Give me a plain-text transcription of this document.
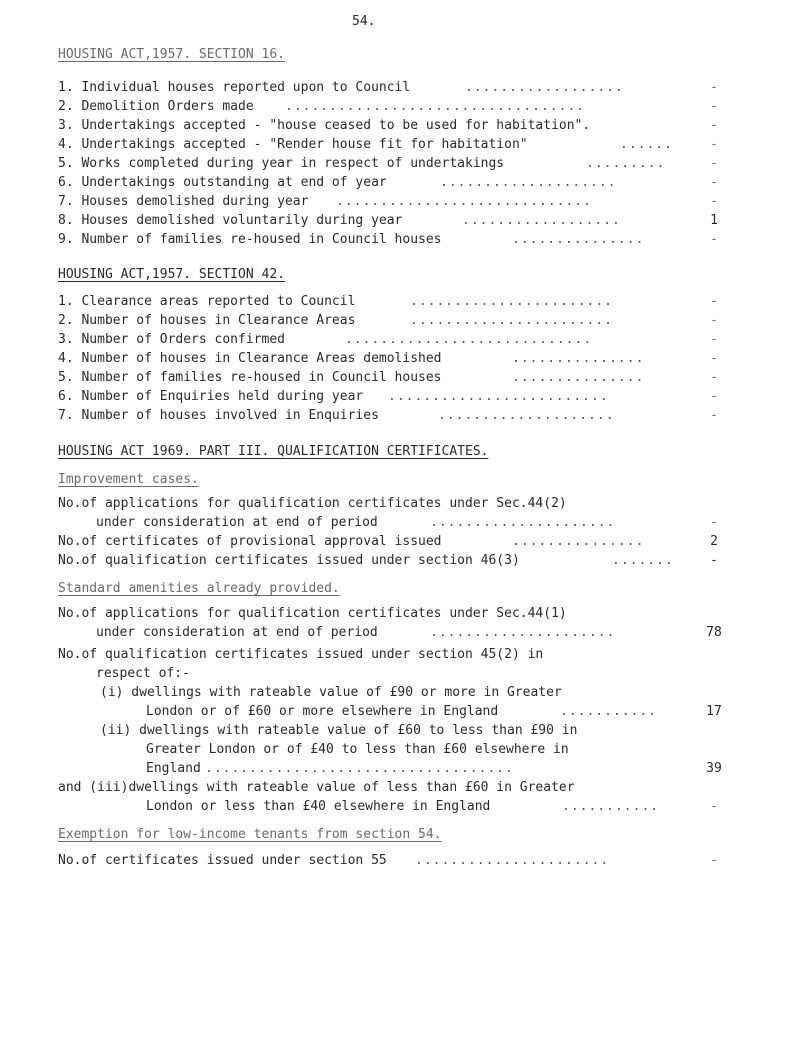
54.
HOUSING ACT,1957. SECTION 16.
1. Individual houses reported upon to Council	..................	-
2. Demolition Orders made ..................................	-
3. Undertakings accepted - "house ceased to be used for habitation".	-
4. Undertakings accepted - "Render house fit for habitation"	......	-
5. Works completed during year in respect of undertakings	.........	-
6. Undertakings outstanding at end of year	....................	-
7. Houses demolished during year .............................	-
8. Houses demolished voluntarily during year	..................	1
9. Number of families re-housed in Council houses	...............	-
HOUSING ACT,1957. SECTION 42.
1. Clearance areas reported to Council	.......................	-
2. Number of houses in Clearance Areas	.......................	-
3. Number of Orders confirmed	............................	-
4. Number of houses in Clearance Areas demolished	...............	-
5. Number of families re-housed in Council houses	...............	-
6. Number of Enquiries held during year .........................	-
7. Number of houses involved in Enquiries	....................	-
HOUSING ACT 1969. PART III. QUALIFICATION CERTIFICATES.
Improvement cases.
No.of applications for qualification certificates under Sec.44(2)
under consideration at end of period	.....................	-
No.of certificates of provisional approval issued	...............	2
No.of qualification certificates issued under section 46(3)	.......	-
Standard amenities already provided.
No.of applications for qualification certificates under Sec.44(1)
under consideration at end of period	.....................	78
No.of qualification certificates issued under section 45(2) in
respect of:-
(i) dwellings with rateable value of £90 or more in Greater
London or of £60 or more elsewhere in England	...........	17
(ii) dwellings with rateable value of £60 to less than £90 in
Greater London or of £40 to less than £60 elsewhere in
England ...................................	39
and (iii)dwellings with rateable value of less than £60 in Greater
London or less than £40 elsewhere in England	...........	-
Exemption for low-income tenants from section 54.
No.of certificates issued under section 55 ......................	-
